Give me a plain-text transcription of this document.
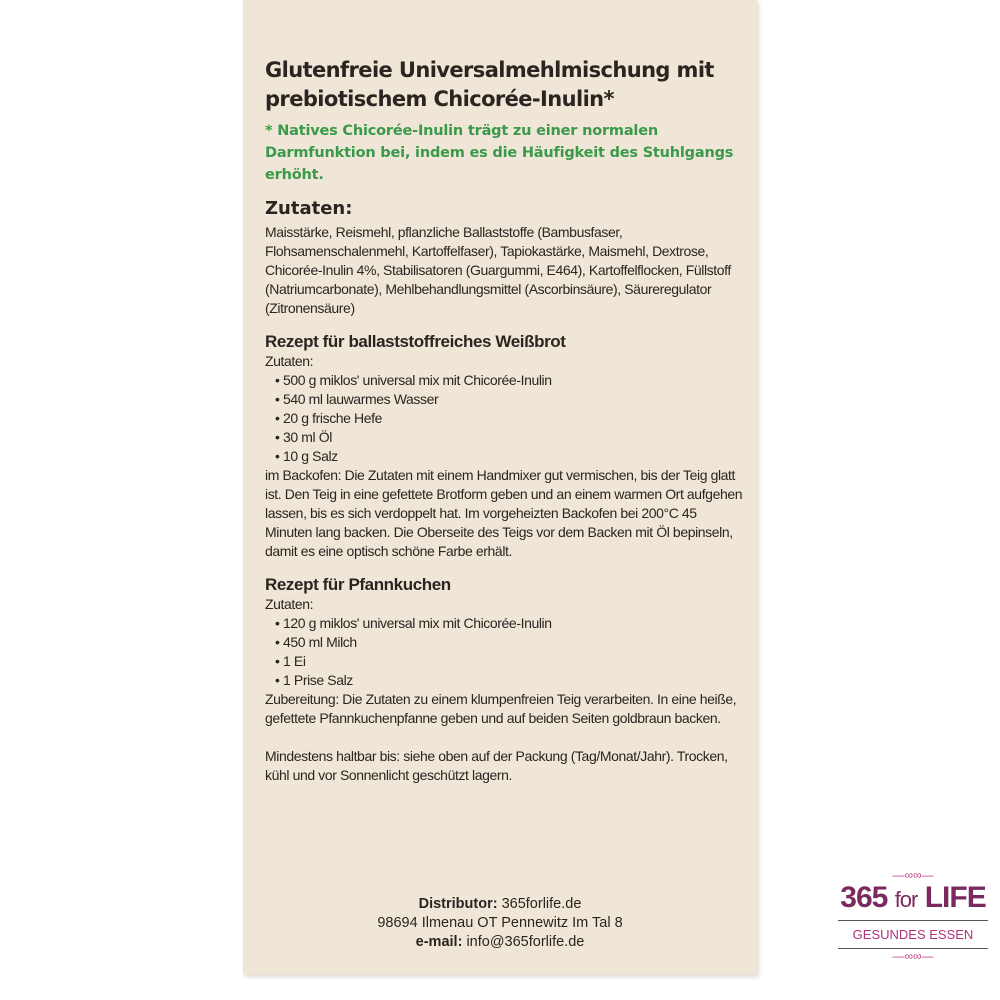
Glutenfreie Universalmehlmischung mit prebiotischem Chicorée-Inulin*
* Natives Chicorée-Inulin trägt zu einer normalen Darmfunktion bei, indem es die Häufigkeit des Stuhlgangs erhöht.
Zutaten:

Maisstärke, Reismehl, pflanzliche Ballaststoffe (Bambusfaser, Flohsamenschalenmehl, Kartoffelfaser), Tapiokastärke, Maismehl, Dextrose, Chicorée-Inulin 4%, Stabilisatoren (Guargummi, E464), Kartoffelflocken, Füllstoff (Natriumcarbonate), Mehlbehandlungsmittel (Ascorbinsäure), Säureregulator (Zitronensäure)

Rezept für ballaststoffreiches Weißbrot

Zutaten:

• 500 g miklos' universal mix mit Chicorée-Inulin
• 540 ml lauwarmes Wasser
• 20 g frische Hefe
• 30 ml Öl
• 10 g Salz

im Backofen: Die Zutaten mit einem Handmixer gut vermischen, bis der Teig glatt ist. Den Teig in eine gefettete Brotform geben und an einem warmen Ort aufgehen lassen, bis es sich verdoppelt hat. Im vorgeheizten Backofen bei 200°C 45 Minuten lang backen. Die Oberseite des Teigs vor dem Backen mit Öl bepinseln, damit es eine optisch schöne Farbe erhält.

Rezept für Pfannkuchen

Zutaten:

• 120 g miklos' universal mix mit Chicorée-Inulin
• 450 ml Milch
• 1 Ei
• 1 Prise Salz

Zubereitung: Die Zutaten zu einem klumpenfreien Teig verarbeiten. In eine heiße, gefettete Pfannkuchenpfanne geben und auf beiden Seiten goldbraun backen.

Mindestens haltbar bis: siehe oben auf der Packung (Tag/Monat/Jahr). Trocken, kühl und vor Sonnenlicht geschützt lagern.

Distributor: 365forlife.de
98694 Ilmenau OT Pennewitz Im Tal 8
e-mail: info@365forlife.de
—∞∞—
365 for LIFE
GESUNDES ESSEN
—∞∞—
